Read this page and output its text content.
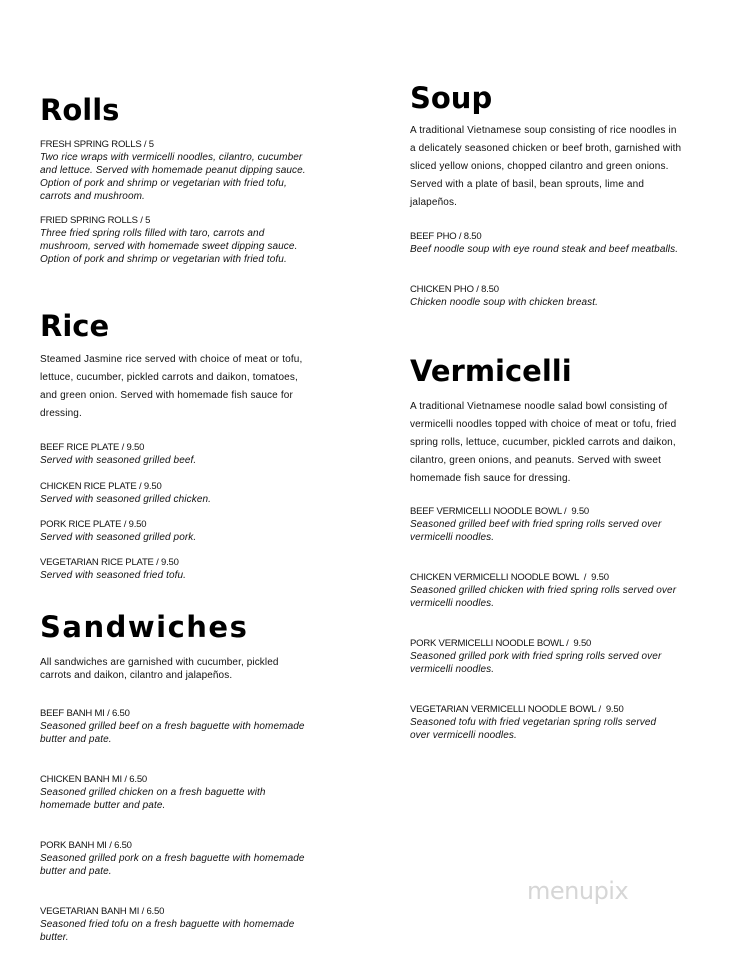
Rolls

FRESH SPRING ROLLS / 5

Two rice wraps with vermicelli noodles, cilantro, cucumber

and lettuce. Served with homemade peanut dipping sauce.

Option of pork and shrimp or vegetarian with fried tofu,

carrots and mushroom.

FRIED SPRING ROLLS / 5

Three fried spring rolls filled with taro, carrots and

mushroom, served with homemade sweet dipping sauce.

Option of pork and shrimp or vegetarian with fried tofu.

Rice

Steamed Jasmine rice served with choice of meat or tofu,

lettuce, cucumber, pickled carrots and daikon, tomatoes,

and green onion. Served with homemade fish sauce for

dressing.

BEEF RICE PLATE / 9.50

Served with seasoned grilled beef.

CHICKEN RICE PLATE / 9.50

Served with seasoned grilled chicken.

PORK RICE PLATE / 9.50

Served with seasoned grilled pork.

VEGETARIAN RICE PLATE / 9.50

Served with seasoned fried tofu.

Sandwiches

All sandwiches are garnished with cucumber, pickled

carrots and daikon, cilantro and jalapeños.

BEEF BANH MI / 6.50

Seasoned grilled beef on a fresh baguette with homemade

butter and pate.

CHICKEN BANH MI / 6.50

Seasoned grilled chicken on a fresh baguette with

homemade butter and pate.

PORK BANH MI / 6.50

Seasoned grilled pork on a fresh baguette with homemade

butter and pate.

VEGETARIAN BANH MI / 6.50

Seasoned fried tofu on a fresh baguette with homemade

butter.

Soup

A traditional Vietnamese soup consisting of rice noodles in

a delicately seasoned chicken or beef broth, garnished with

sliced yellow onions, chopped cilantro and green onions.

Served with a plate of basil, bean sprouts, lime and

jalapeños.

BEEF PHO / 8.50

Beef noodle soup with eye round steak and beef meatballs.

CHICKEN PHO / 8.50

Chicken noodle soup with chicken breast.

Vermicelli

A traditional Vietnamese noodle salad bowl consisting of

vermicelli noodles topped with choice of meat or tofu, fried

spring rolls, lettuce, cucumber, pickled carrots and daikon,

cilantro, green onions, and peanuts. Served with sweet

homemade fish sauce for dressing.

BEEF VERMICELLI NOODLE BOWL /  9.50

Seasoned grilled beef with fried spring rolls served over

vermicelli noodles.

CHICKEN VERMICELLI NOODLE BOWL  /  9.50

Seasoned grilled chicken with fried spring rolls served over

vermicelli noodles.

PORK VERMICELLI NOODLE BOWL /  9.50

Seasoned grilled pork with fried spring rolls served over

vermicelli noodles.

VEGETARIAN VERMICELLI NOODLE BOWL /  9.50

Seasoned tofu with fried vegetarian spring rolls served

over vermicelli noodles.

menupix
